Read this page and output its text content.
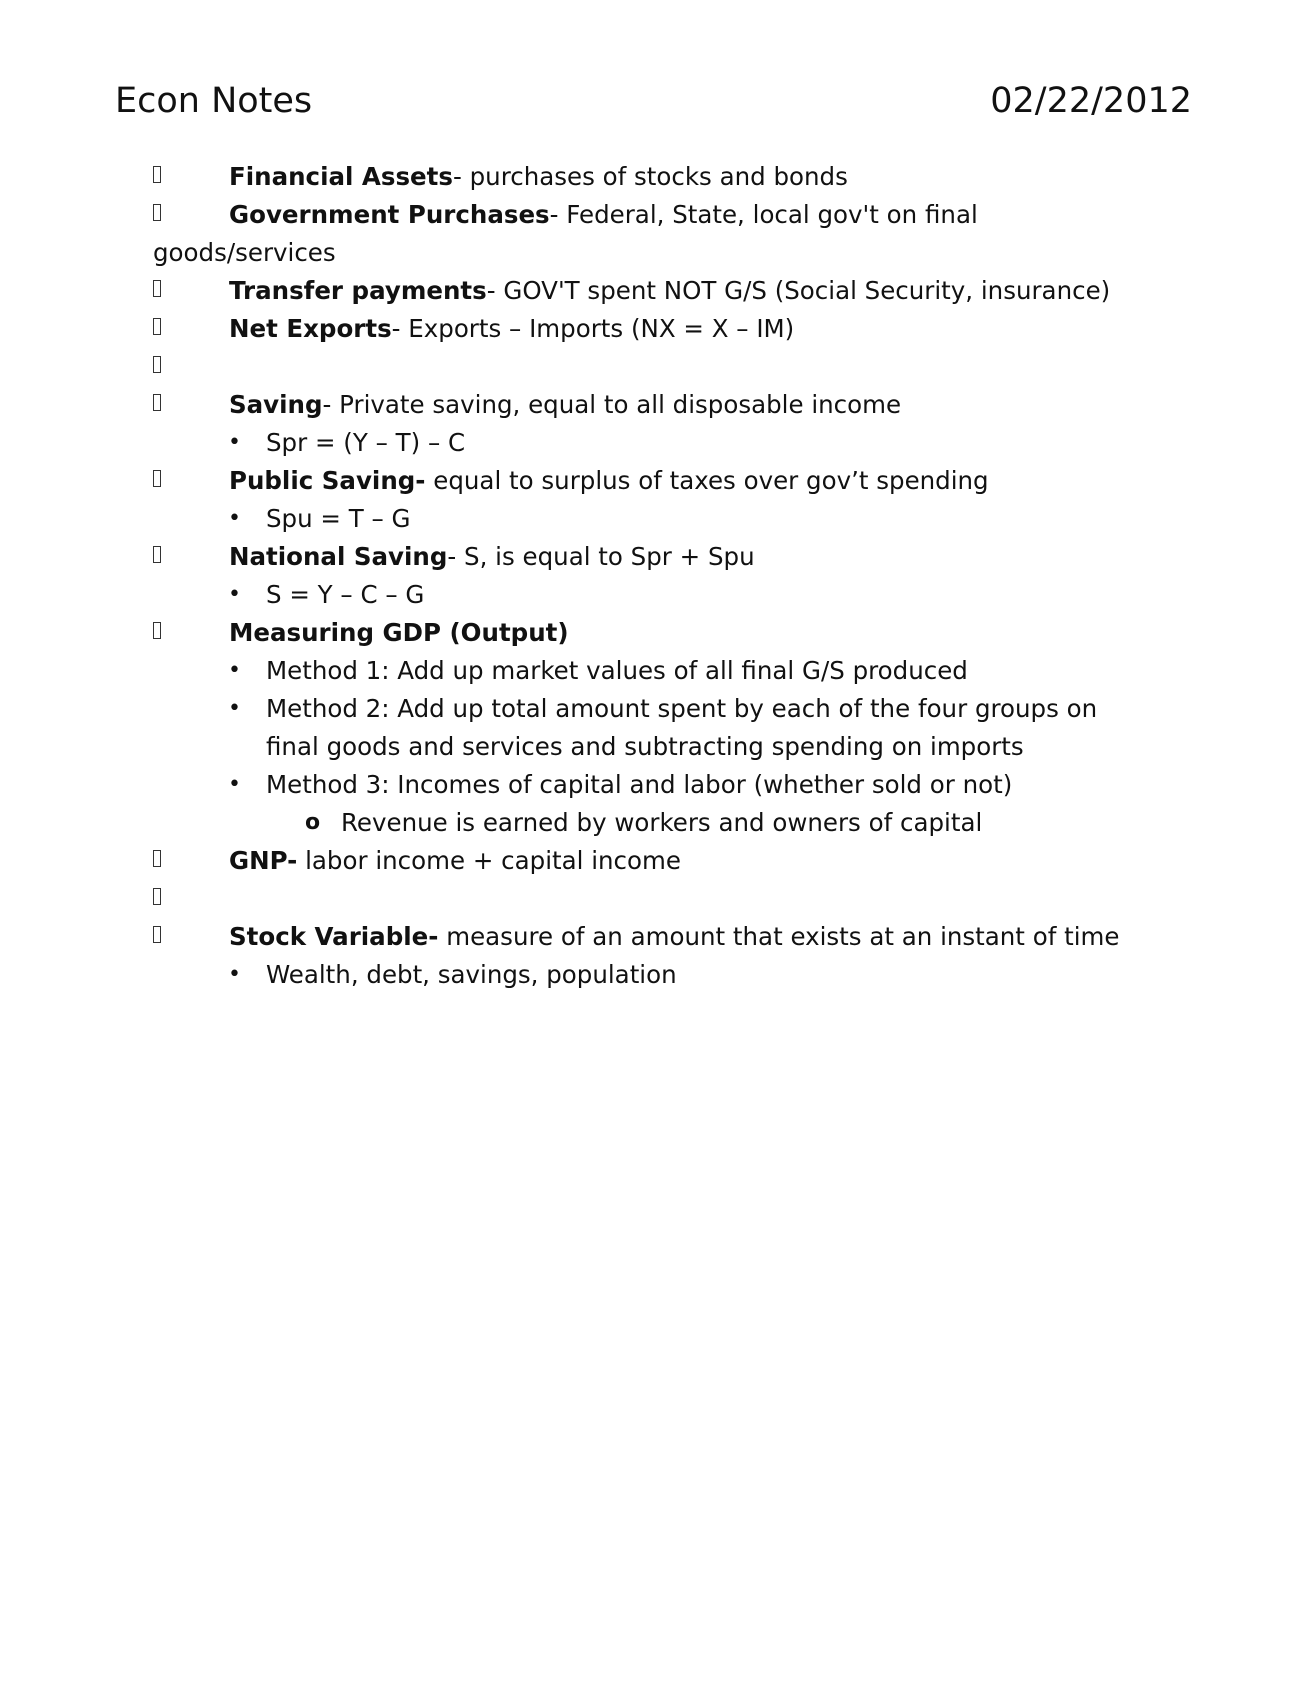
Econ Notes	02/22/2012
Financial Assets- purchases of stocks and bonds
Government Purchases- Federal, State, local gov't on final goods/services
Transfer payments- GOV'T spent NOT G/S (Social Security, insurance)
Net Exports- Exports – Imports (NX = X – IM)
Saving- Private saving, equal to all disposable income
• Spr = (Y – T) – C
Public Saving- equal to surplus of taxes over gov’t spending
• Spu = T – G
National Saving- S, is equal to Spr + Spu
• S = Y – C – G
Measuring GDP (Output)
• Method 1: Add up market values of all final G/S produced
• Method 2: Add up total amount spent by each of the four groups on final goods and services and subtracting spending on imports
• Method 3: Incomes of capital and labor (whether sold or not)
o Revenue is earned by workers and owners of capital
GNP- labor income + capital income
Stock Variable- measure of an amount that exists at an instant of time
• Wealth, debt, savings, population
